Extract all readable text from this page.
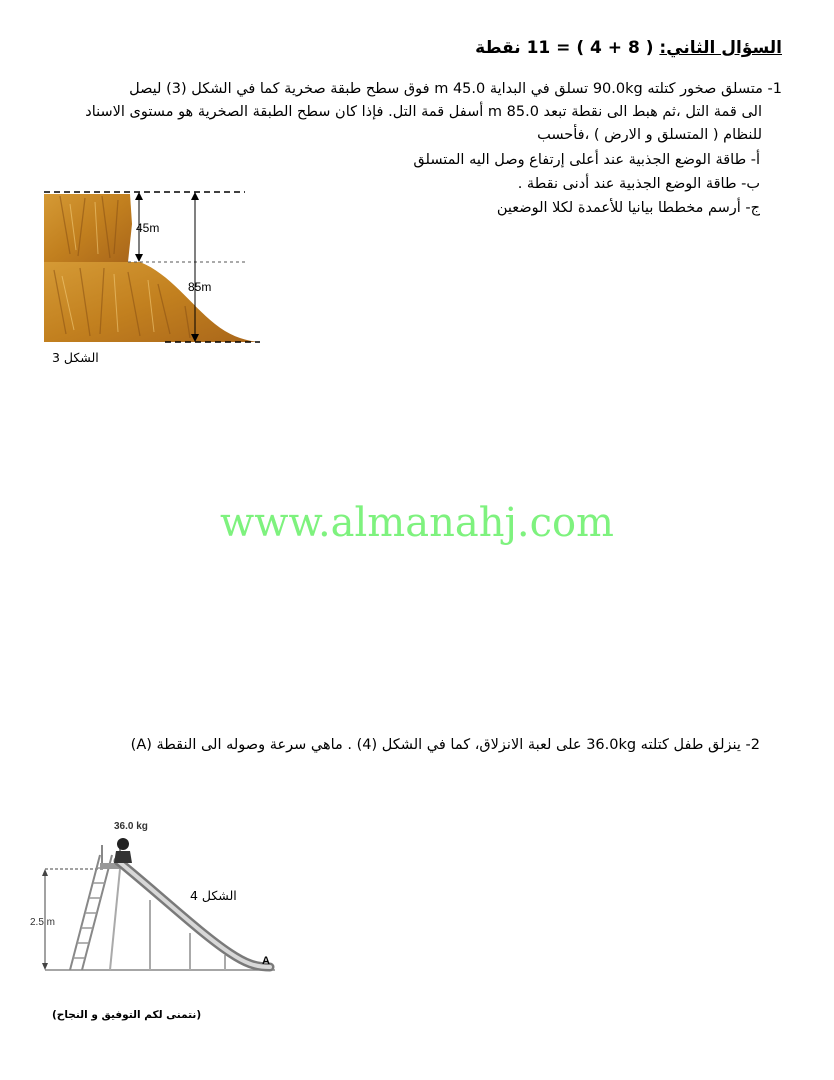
السؤال الثاني: ( 8 + 4 ) = 11 نقطة

1- متسلق صخور كتلته 90.0kg تسلق في البداية 45.0 m فوق سطح طبقة صخرية كما في الشكل (3) ليصل

الى قمة التل ،ثم هبط الى نقطة تبعد 85.0 m أسفل قمة التل. فإذا كان سطح الطبقة الصخرية هو مستوى الاسناد

للنظام ( المتسلق و الارض ) ،فأحسب

أ- طاقة الوضع الجذبية عند أعلى إرتفاع وصل اليه المتسلق
ب- طاقة الوضع الجذبية عند أدنى نقطة .
ج- أرسم مخططا بيانيا للأعمدة لكلا الوضعين
45m
85m
الشكل 3
www.almanahj.com
2- ينزلق طفل كتلته 36.0kg على لعبة الانزلاق، كما في الشكل (4) . ماهي سرعة وصوله الى النقطة (A)
2.5 m
36.0 kg
A
الشكل 4
(نتمنى لكم التوفيق و النجاح)
